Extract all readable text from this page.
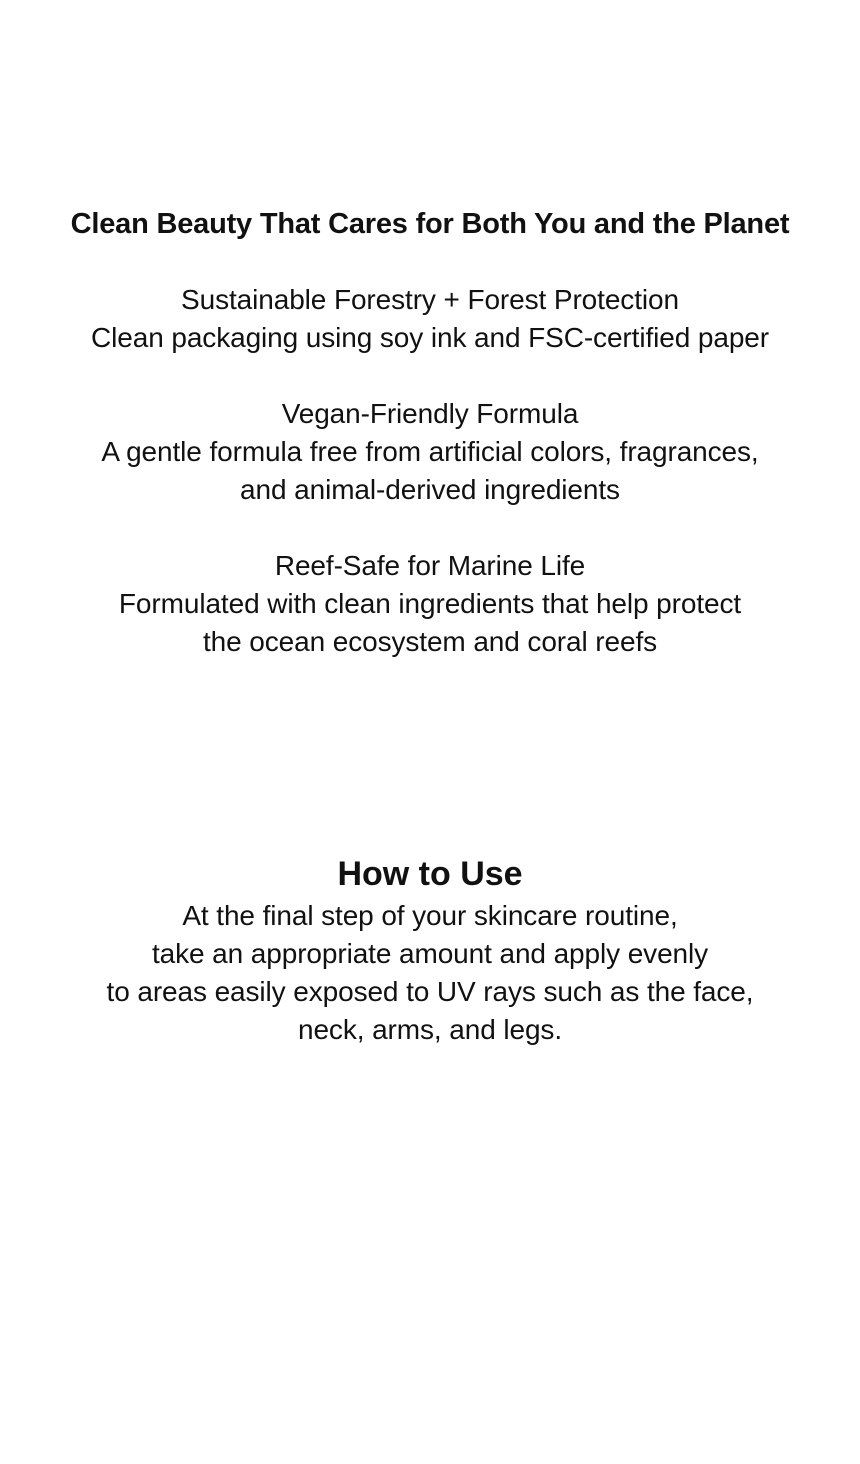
Clean Beauty That Cares for Both You and the Planet
Sustainable Forestry + Forest Protection
Clean packaging using soy ink and FSC-certified paper
Vegan-Friendly Formula
A gentle formula free from artificial colors, fragrances,
and animal-derived ingredients
Reef-Safe for Marine Life
Formulated with clean ingredients that help protect
the ocean ecosystem and coral reefs
How to Use
At the final step of your skincare routine,
take an appropriate amount and apply evenly
to areas easily exposed to UV rays such as the face,
neck, arms, and legs.
